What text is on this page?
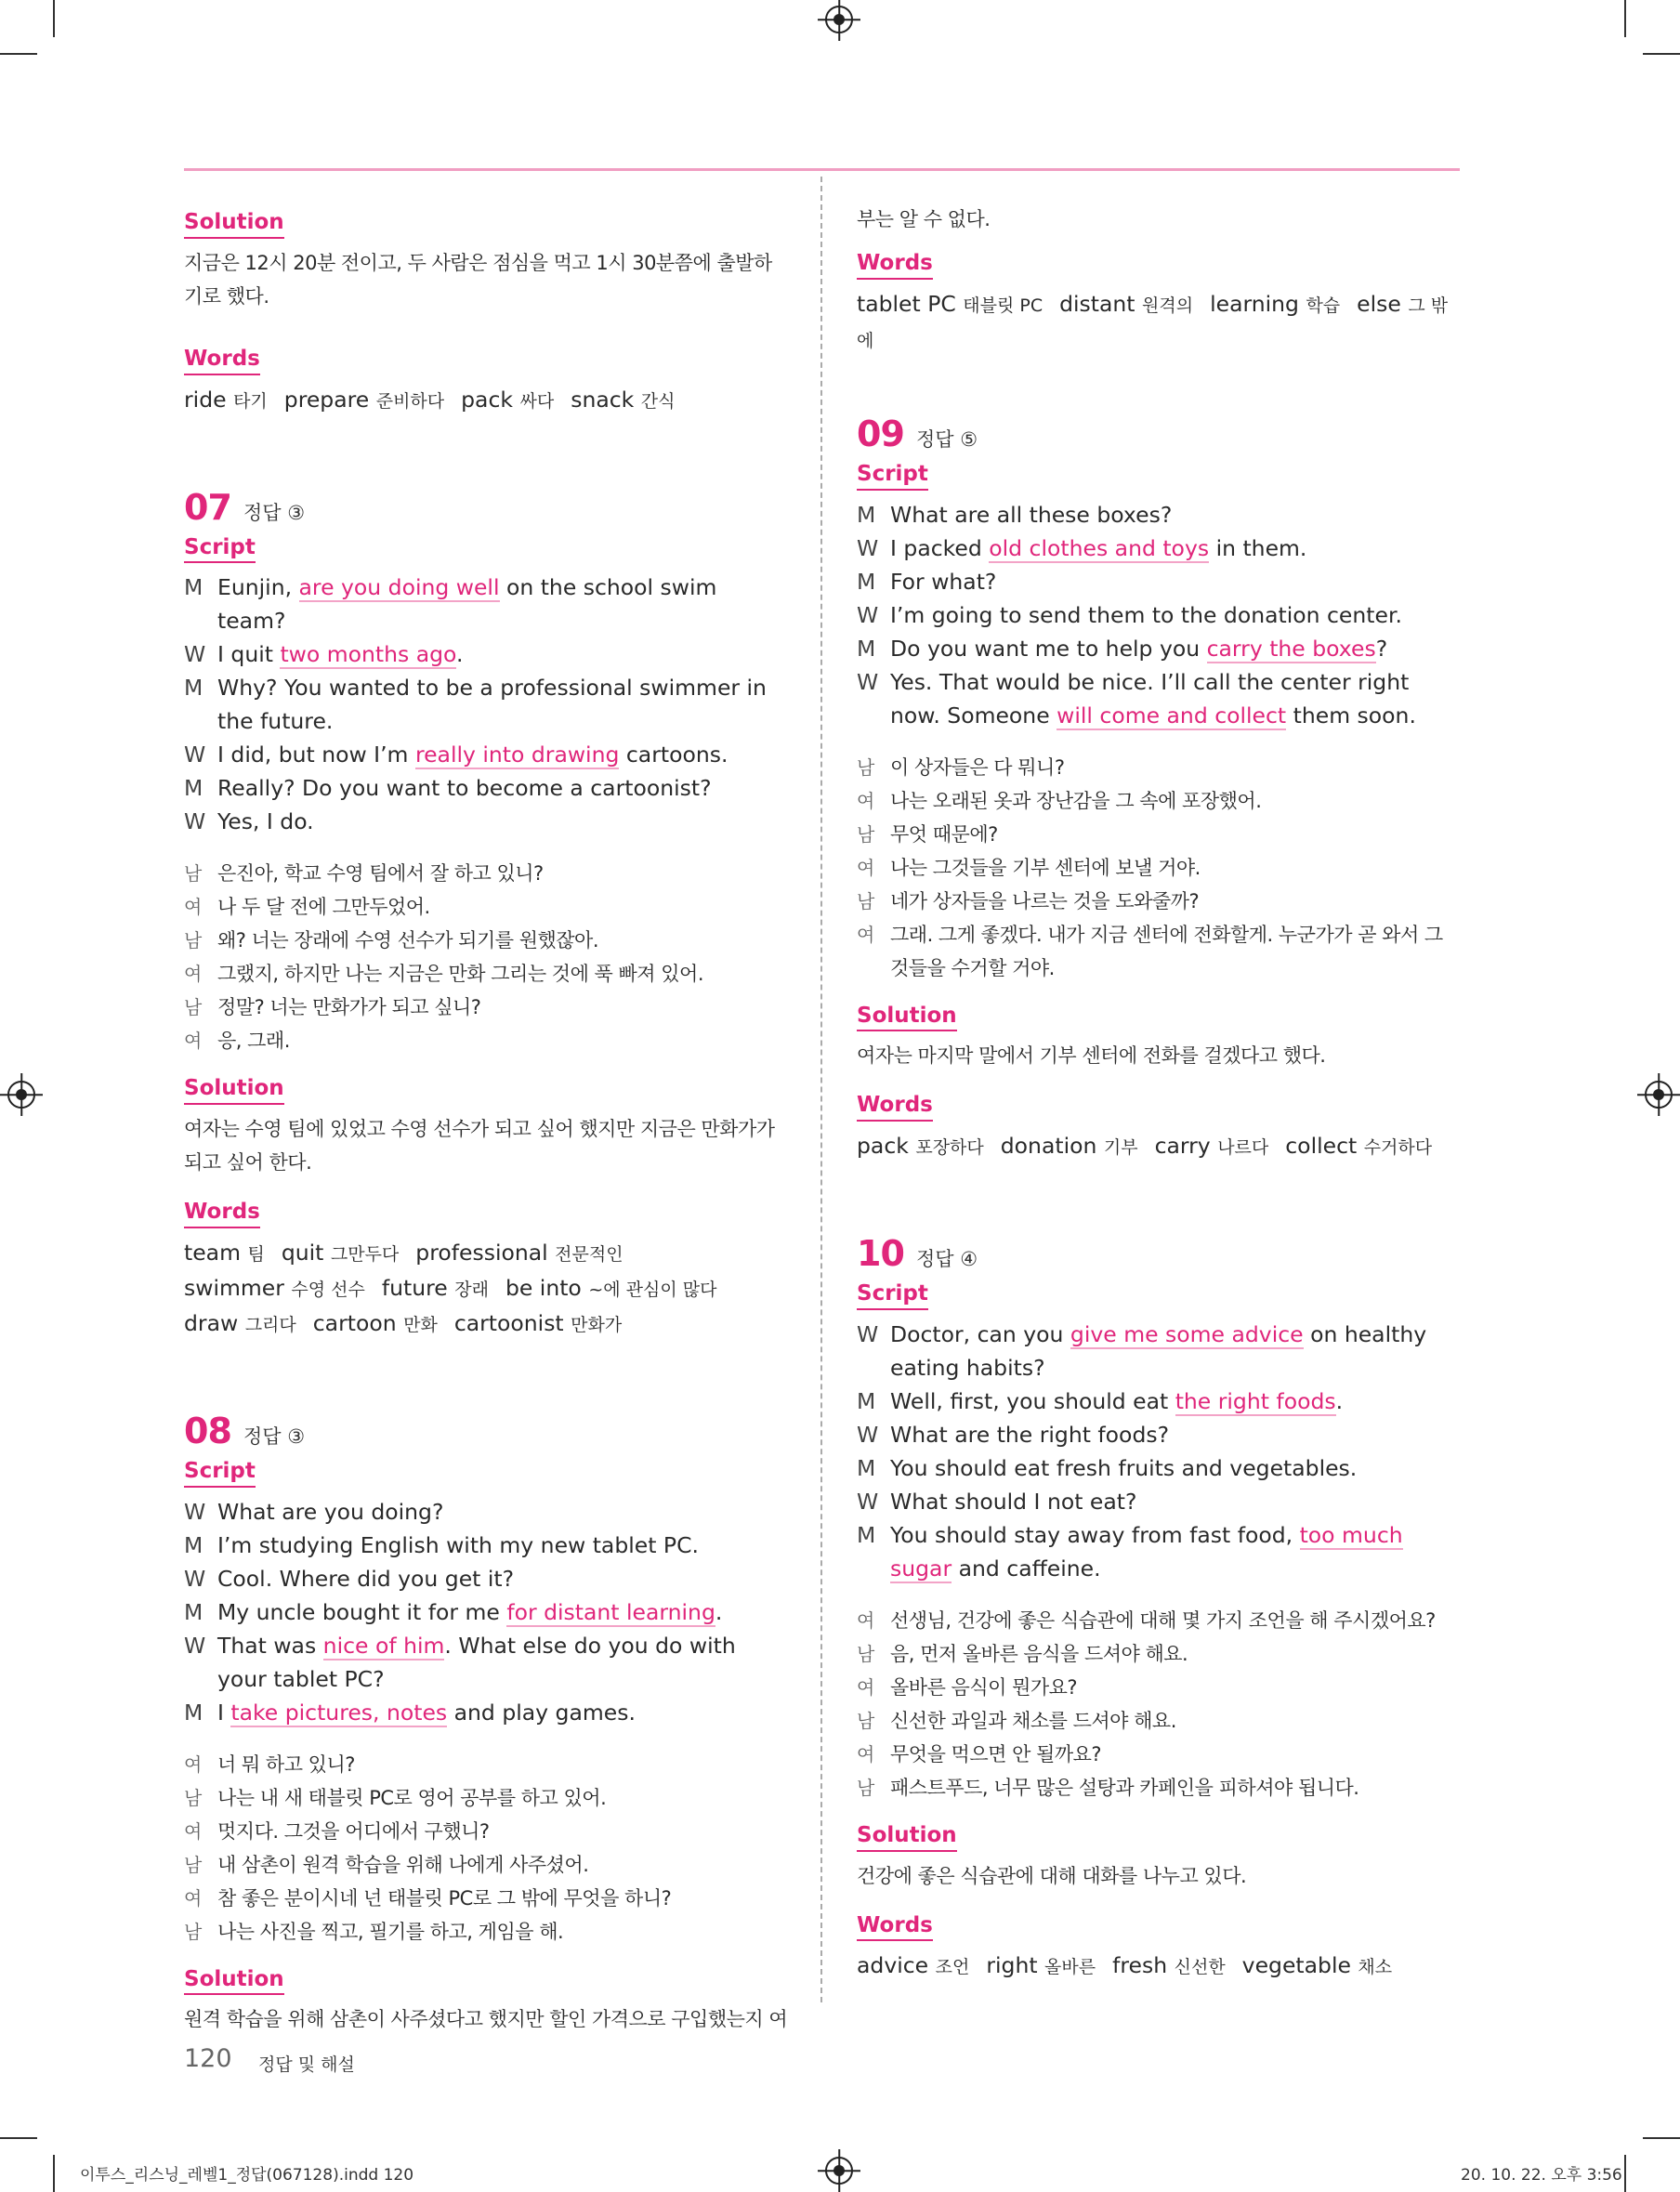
Solution
지금은 12시 20분 전이고, 두 사람은 점심을 먹고 1시 30분쯤에 출발하기로 했다.
Words
ride 타기 prepare 준비하다 pack 싸다 snack 간식
07 정답 ③
Script
M Eunjin, are you doing well on the school swim team?
W I quit two months ago.
M Why? You wanted to be a professional swimmer in the future.
W I did, but now I’m really into drawing cartoons.
M Really? Do you want to become a cartoonist?
W Yes, I do.
남 은진아, 학교 수영 팀에서 잘 하고 있니?
여 나 두 달 전에 그만두었어.
남 왜? 너는 장래에 수영 선수가 되기를 원했잖아.
여 그랬지, 하지만 나는 지금은 만화 그리는 것에 푹 빠져 있어.
남 정말? 너는 만화가가 되고 싶니?
여 응, 그래.
Solution
여자는 수영 팀에 있었고 수영 선수가 되고 싶어 했지만 지금은 만화가가 되고 싶어 한다.
Words
team 팀 quit 그만두다 professional 전문적인
swimmer 수영 선수 future 장래 be into ~에 관심이 많다
draw 그리다 cartoon 만화 cartoonist 만화가
08 정답 ③
Script
W What are you doing?
M I’m studying English with my new tablet PC.
W Cool. Where did you get it?
M My uncle bought it for me for distant learning.
W That was nice of him. What else do you do with your tablet PC?
M I take pictures, notes and play games.
여 너 뭐 하고 있니?
남 나는 내 새 태블릿 PC로 영어 공부를 하고 있어.
여 멋지다. 그것을 어디에서 구했니?
남 내 삼촌이 원격 학습을 위해 나에게 사주셨어.
여 참 좋은 분이시네 넌 태블릿 PC로 그 밖에 무엇을 하니?
남 나는 사진을 찍고, 필기를 하고, 게임을 해.
Solution
원격 학습을 위해 삼촌이 사주셨다고 했지만 할인 가격으로 구입했는지 여
부는 알 수 없다.
Words
tablet PC 태블릿 PC distant 원격의 learning 학습 else 그 밖에
09 정답 ⑤
Script
M What are all these boxes?
W I packed old clothes and toys in them.
M For what?
W I’m going to send them to the donation center.
M Do you want me to help you carry the boxes?
W Yes. That would be nice. I’ll call the center right now. Someone will come and collect them soon.
남 이 상자들은 다 뭐니?
여 나는 오래된 옷과 장난감을 그 속에 포장했어.
남 무엇 때문에?
여 나는 그것들을 기부 센터에 보낼 거야.
남 네가 상자들을 나르는 것을 도와줄까?
여 그래. 그게 좋겠다. 내가 지금 센터에 전화할게. 누군가가 곧 와서 그것들을 수거할 거야.
Solution
여자는 마지막 말에서 기부 센터에 전화를 걸겠다고 했다.
Words
pack 포장하다 donation 기부 carry 나르다 collect 수거하다
10 정답 ④
Script
W Doctor, can you give me some advice on healthy eating habits?
M Well, first, you should eat the right foods.
W What are the right foods?
M You should eat fresh fruits and vegetables.
W What should I not eat?
M You should stay away from fast food, too much sugar and caffeine.
여 선생님, 건강에 좋은 식습관에 대해 몇 가지 조언을 해 주시겠어요?
남 음, 먼저 올바른 음식을 드셔야 해요.
여 올바른 음식이 뭔가요?
남 신선한 과일과 채소를 드셔야 해요.
여 무엇을 먹으면 안 될까요?
남 패스트푸드, 너무 많은 설탕과 카페인을 피하셔야 됩니다.
Solution
건강에 좋은 식습관에 대해 대화를 나누고 있다.
Words
advice 조언 right 올바른 fresh 신선한 vegetable 채소
120 정답 및 해설
이투스_리스닝_레벨1_정답(067128).indd 120	20. 10. 22. 오후 3:56
